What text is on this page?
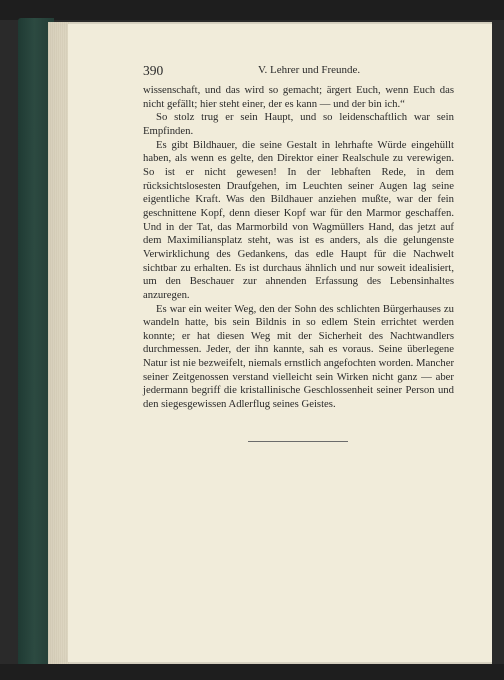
390	V. Lehrer und Freunde.

wissenschaft, und das wird so gemacht; ärgert Euch, wenn Euch das nicht gefällt; hier steht einer, der es kann — und der bin ich.“

So stolz trug er sein Haupt, und so leidenschaftlich war sein Empfinden.

Es gibt Bildhauer, die seine Gestalt in lehrhafte Würde eingehüllt haben, als wenn es gelte, den Direktor einer Realschule zu verewigen. So ist er nicht gewesen! In der lebhaften Rede, in dem rücksichtslosesten Draufgehen, im Leuchten seiner Augen lag seine eigentliche Kraft. Was den Bildhauer anziehen mußte, war der fein geschnittene Kopf, denn dieser Kopf war für den Marmor geschaffen. Und in der Tat, das Marmorbild von Wagmüllers Hand, das jetzt auf dem Maximiliansplatz steht, was ist es anders, als die gelungenste Verwirklichung des Gedankens, das edle Haupt für die Nachwelt sichtbar zu erhalten. Es ist durchaus ähnlich und nur soweit idealisiert, um den Beschauer zur ahnenden Erfassung des Lebensinhaltes anzuregen.

Es war ein weiter Weg, den der Sohn des schlichten Bürgerhauses zu wandeln hatte, bis sein Bildnis in so edlem Stein errichtet werden konnte; er hat diesen Weg mit der Sicherheit des Nachtwandlers durchmessen. Jeder, der ihn kannte, sah es voraus. Seine überlegene Natur ist nie bezweifelt, niemals ernstlich angefochten worden. Mancher seiner Zeitgenossen verstand vielleicht sein Wirken nicht ganz — aber jedermann begriff die kristallinische Geschlossenheit seiner Person und den siegesgewissen Adlerflug seines Geistes.
